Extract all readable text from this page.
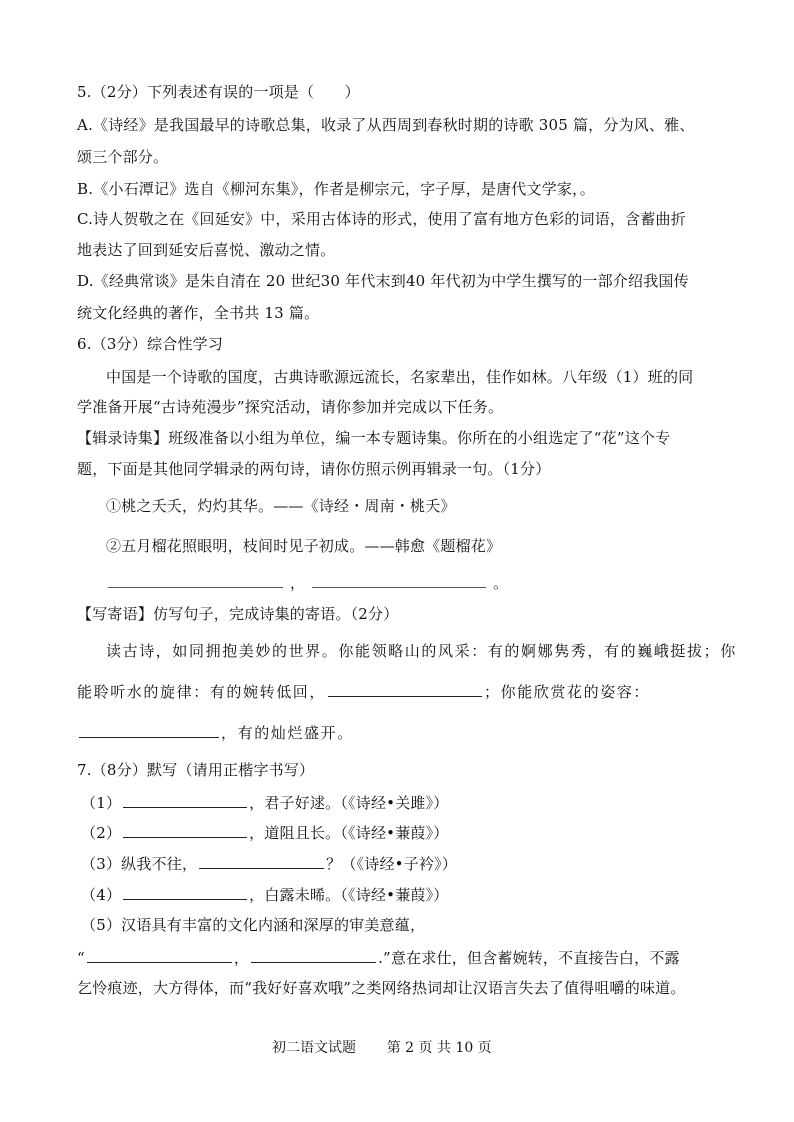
5.（2分）下列表述有误的一项是（　　）
A.《诗经》是我国最早的诗歌总集，收录了从西周到春秋时期的诗歌 305 篇，分为风、雅、
颂三个部分。
B.《小石潭记》选自《柳河东集》，作者是柳宗元，字子厚，是唐代文学家，。
C.诗人贺敬之在《回延安》中，采用古体诗的形式，使用了富有地方色彩的词语，含蓄曲折
地表达了回到延安后喜悦、激动之情。
D.《经典常谈》是朱自清在 20 世纪30 年代末到40 年代初为中学生撰写的一部介绍我国传
统文化经典的著作，全书共 13 篇。
6.（3分）综合性学习
中国是一个诗歌的国度，古典诗歌源远流长，名家辈出，佳作如林。八年级（1）班的同
学准备开展“古诗苑漫步”探究活动，请你参加并完成以下任务。
【辑录诗集】班级准备以小组为单位，编一本专题诗集。你所在的小组选定了“花”这个专
题，下面是其他同学辑录的两句诗，请你仿照示例再辑录一句。（1分）
①桃之夭夭，灼灼其华。——《诗经・周南・桃夭》
②五月榴花照眼明，枝间时见子初成。——韩愈《题榴花》
，	。
【写寄语】仿写句子，完成诗集的寄语。（2分）
读古诗，如同拥抱美妙的世界。你能领略山的风采：有的婀娜隽秀，有的巍峨挺拔；你
能聆听水的旋律：有的婉转低回，	；你能欣赏花的姿容：
，有的灿烂盛开。
7.（8分）默写（请用正楷字书写）
（1）	，君子好逑。（《诗经•关雎》）
（2）	，道阻且长。（《诗经•蒹葭》）
（3）纵我不往，	？（《诗经•子衿》）
（4）	，白露未晞。（《诗经•蒹葭》）
（5）汉语具有丰富的文化内涵和深厚的审美意蕴，
“	，	.”意在求仕，但含蓄婉转，不直接告白，不露
乞怜痕迹，大方得体，而“我好好喜欢哦”之类网络热词却让汉语言失去了值得咀嚼的味道。
初二语文试题 第 2 页 共 10 页
